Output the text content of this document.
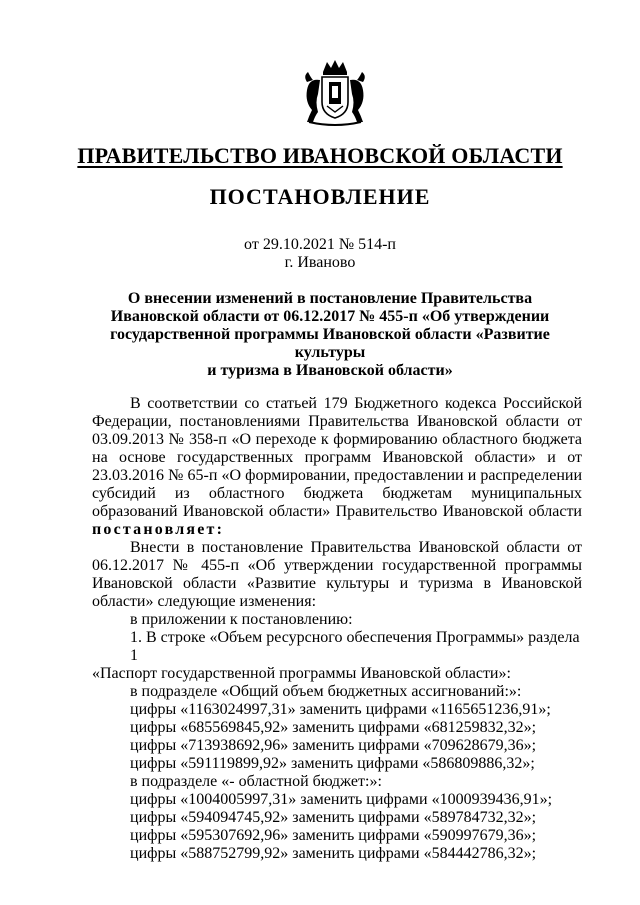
ПРАВИТЕЛЬСТВО ИВАНОВСКОЙ ОБЛАСТИ
ПОСТАНОВЛЕНИЕ
от 29.10.2021 № 514-п
г. Иваново
О внесении изменений в постановление Правительства
Ивановской области от 06.12.2017 № 455-п «Об утверждении
государственной программы Ивановской области «Развитие культуры
и туризма в Ивановской области»

В соответствии со статьей 179 Бюджетного кодекса Российской Федерации, постановлениями Правительства Ивановской области от 03.09.2013 № 358-п «О переходе к формированию областного бюджета на основе государственных программ Ивановской области» и от 23.03.2016 № 65-п «О формировании, предоставлении и распределении субсидий из областного бюджета бюджетам муниципальных образований Ивановской области» Правительство Ивановской области постановляет:

Внести в постановление Правительства Ивановской области от 06.12.2017 № 455-п «Об утверждении государственной программы Ивановской области «Развитие культуры и туризма в Ивановской области» следующие изменения:

в приложении к постановлению:

1. В строке «Объем ресурсного обеспечения Программы» раздела 1

«Паспорт государственной программы Ивановской области»:

в подразделе «Общий объем бюджетных ассигнований:»:

цифры «1163024997,31» заменить цифрами «1165651236,91»;

цифры «685569845,92» заменить цифрами «681259832,32»;

цифры «713938692,96» заменить цифрами «709628679,36»;

цифры «591119899,92» заменить цифрами «586809886,32»;

в подразделе «- областной бюджет:»:

цифры «1004005997,31» заменить цифрами «1000939436,91»;

цифры «594094745,92» заменить цифрами «589784732,32»;

цифры «595307692,96» заменить цифрами «590997679,36»;

цифры «588752799,92» заменить цифрами «584442786,32»;
